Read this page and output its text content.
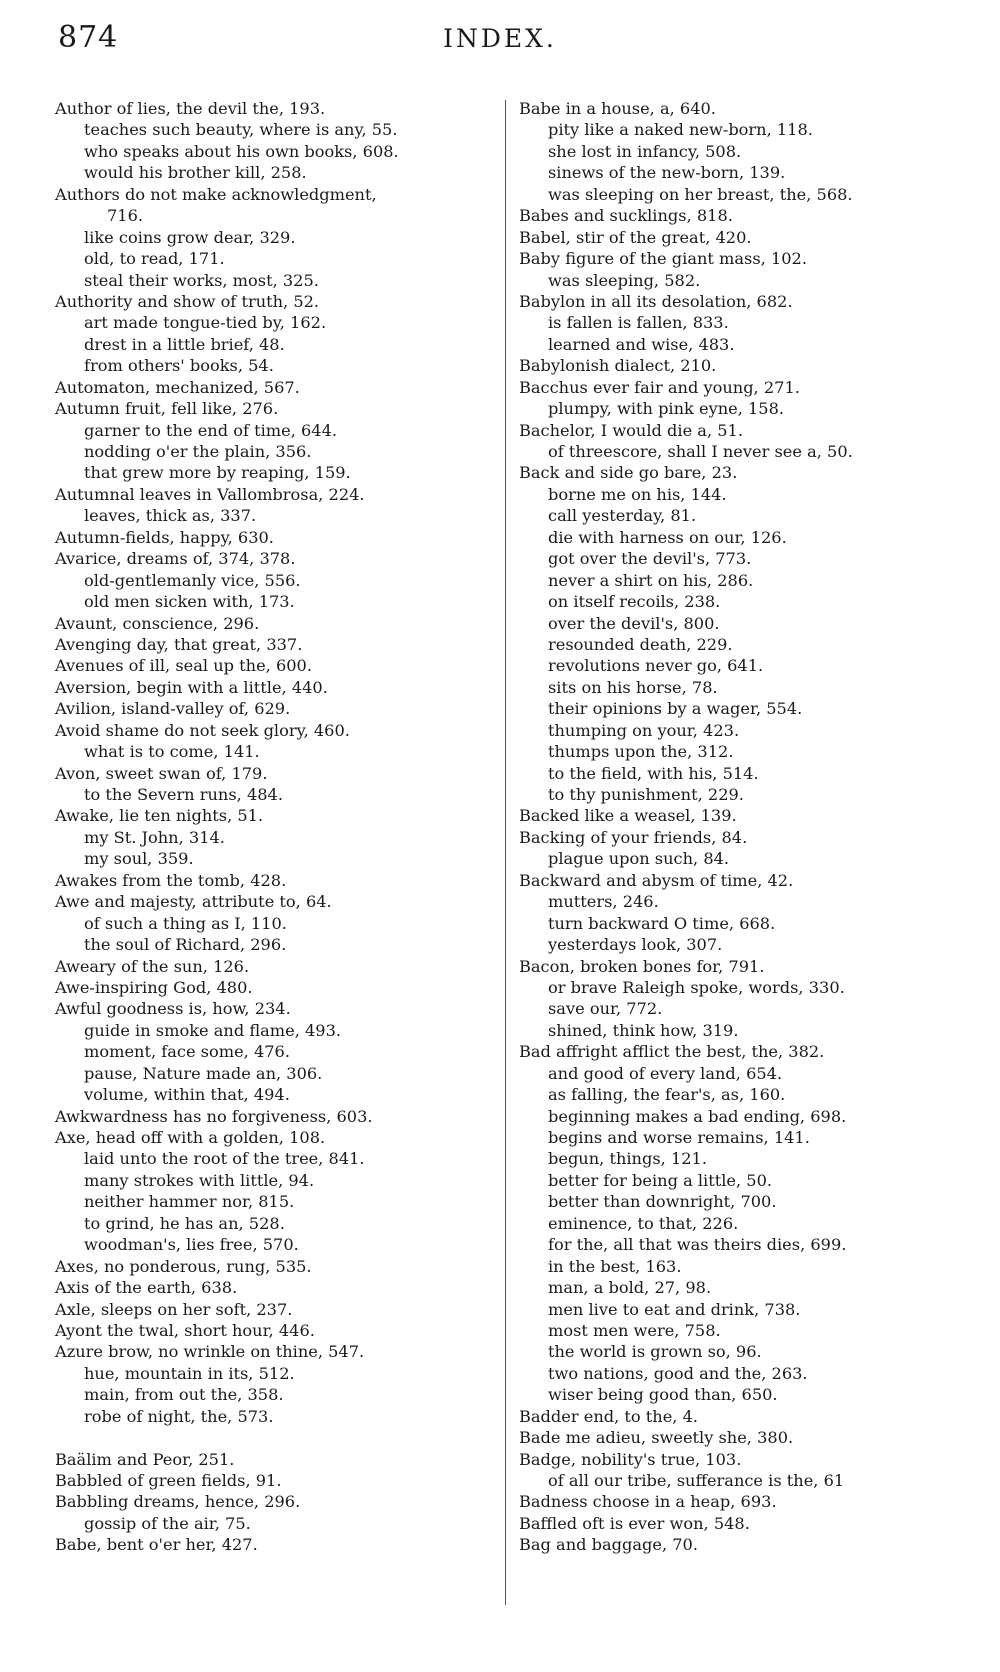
874	INDEX.
Author of lies, the devil the, 193.
teaches such beauty, where is any, 55.
who speaks about his own books, 608.
would his brother kill, 258.
Authors do not make acknowledgment,
716.
like coins grow dear, 329.
old, to read, 171.
steal their works, most, 325.
Authority and show of truth, 52.
art made tongue-tied by, 162.
drest in a little brief, 48.
from others' books, 54.
Automaton, mechanized, 567.
Autumn fruit, fell like, 276.
garner to the end of time, 644.
nodding o'er the plain, 356.
that grew more by reaping, 159.
Autumnal leaves in Vallombrosa, 224.
leaves, thick as, 337.
Autumn-fields, happy, 630.
Avarice, dreams of, 374, 378.
old-gentlemanly vice, 556.
old men sicken with, 173.
Avaunt, conscience, 296.
Avenging day, that great, 337.
Avenues of ill, seal up the, 600.
Aversion, begin with a little, 440.
Avilion, island-valley of, 629.
Avoid shame do not seek glory, 460.
what is to come, 141.
Avon, sweet swan of, 179.
to the Severn runs, 484.
Awake, lie ten nights, 51.
my St. John, 314.
my soul, 359.
Awakes from the tomb, 428.
Awe and majesty, attribute to, 64.
of such a thing as I, 110.
the soul of Richard, 296.
Aweary of the sun, 126.
Awe-inspiring God, 480.
Awful goodness is, how, 234.
guide in smoke and flame, 493.
moment, face some, 476.
pause, Nature made an, 306.
volume, within that, 494.
Awkwardness has no forgiveness, 603.
Axe, head off with a golden, 108.
laid unto the root of the tree, 841.
many strokes with little, 94.
neither hammer nor, 815.
to grind, he has an, 528.
woodman's, lies free, 570.
Axes, no ponderous, rung, 535.
Axis of the earth, 638.
Axle, sleeps on her soft, 237.
Ayont the twal, short hour, 446.
Azure brow, no wrinkle on thine, 547.
hue, mountain in its, 512.
main, from out the, 358.
robe of night, the, 573.
Baälim and Peor, 251.
Babbled of green fields, 91.
Babbling dreams, hence, 296.
gossip of the air, 75.
Babe, bent o'er her, 427.
Babe in a house, a, 640.
pity like a naked new-born, 118.
she lost in infancy, 508.
sinews of the new-born, 139.
was sleeping on her breast, the, 568.
Babes and sucklings, 818.
Babel, stir of the great, 420.
Baby figure of the giant mass, 102.
was sleeping, 582.
Babylon in all its desolation, 682.
is fallen is fallen, 833.
learned and wise, 483.
Babylonish dialect, 210.
Bacchus ever fair and young, 271.
plumpy, with pink eyne, 158.
Bachelor, I would die a, 51.
of threescore, shall I never see a, 50.
Back and side go bare, 23.
borne me on his, 144.
call yesterday, 81.
die with harness on our, 126.
got over the devil's, 773.
never a shirt on his, 286.
on itself recoils, 238.
over the devil's, 800.
resounded death, 229.
revolutions never go, 641.
sits on his horse, 78.
their opinions by a wager, 554.
thumping on your, 423.
thumps upon the, 312.
to the field, with his, 514.
to thy punishment, 229.
Backed like a weasel, 139.
Backing of your friends, 84.
plague upon such, 84.
Backward and abysm of time, 42.
mutters, 246.
turn backward O time, 668.
yesterdays look, 307.
Bacon, broken bones for, 791.
or brave Raleigh spoke, words, 330.
save our, 772.
shined, think how, 319.
Bad affright afflict the best, the, 382.
and good of every land, 654.
as falling, the fear's, as, 160.
beginning makes a bad ending, 698.
begins and worse remains, 141.
begun, things, 121.
better for being a little, 50.
better than downright, 700.
eminence, to that, 226.
for the, all that was theirs dies, 699.
in the best, 163.
man, a bold, 27, 98.
men live to eat and drink, 738.
most men were, 758.
the world is grown so, 96.
two nations, good and the, 263.
wiser being good than, 650.
Badder end, to the, 4.
Bade me adieu, sweetly she, 380.
Badge, nobility's true, 103.
of all our tribe, sufferance is the, 61
Badness choose in a heap, 693.
Baffled oft is ever won, 548.
Bag and baggage, 70.
